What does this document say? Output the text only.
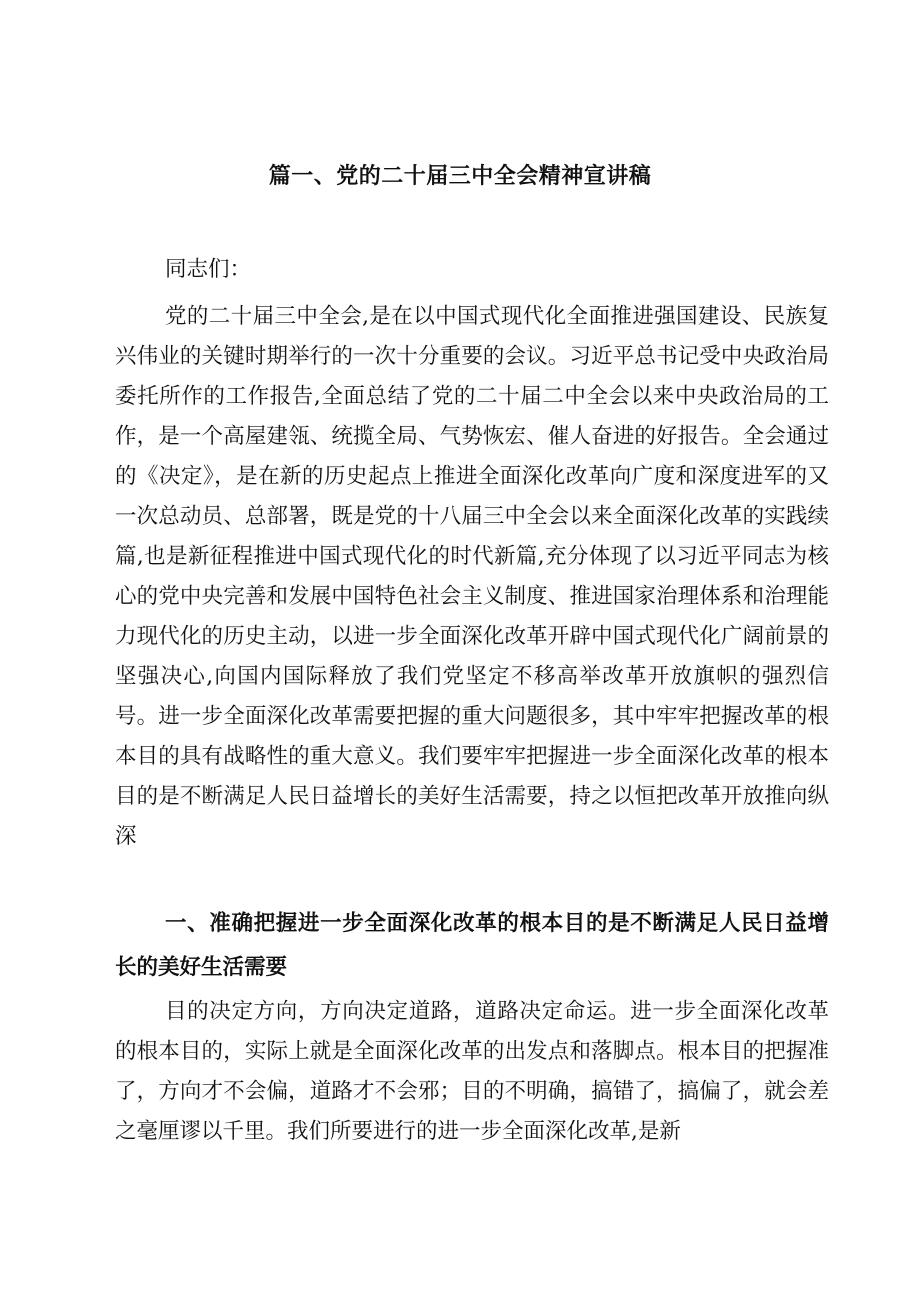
篇一、党的二十届三中全会精神宣讲稿

同志们：

党的二十届三中全会,是在以中国式现代化全面推进强国建设、民族复兴伟业的关键时期举行的一次十分重要的会议。习近平总书记受中央政治局委托所作的工作报告,全面总结了党的二十届二中全会以来中央政治局的工作，是一个高屋建瓴、统揽全局、气势恢宏、催人奋进的好报告。全会通过的《决定》，是在新的历史起点上推进全面深化改革向广度和深度进军的又一次总动员、总部署，既是党的十八届三中全会以来全面深化改革的实践续篇,也是新征程推进中国式现代化的时代新篇,充分体现了以习近平同志为核心的党中央完善和发展中国特色社会主义制度、推进国家治理体系和治理能力现代化的历史主动，以进一步全面深化改革开辟中国式现代化广阔前景的坚强决心,向国内国际释放了我们党坚定不移高举改革开放旗帜的强烈信号。进一步全面深化改革需要把握的重大问题很多，其中牢牢把握改革的根本目的具有战略性的重大意义。我们要牢牢把握进一步全面深化改革的根本目的是不断满足人民日益增长的美好生活需要，持之以恒把改革开放推向纵深

一、准确把握进一步全面深化改革的根本目的是不断满足人民日益增长的美好生活需要

目的决定方向，方向决定道路，道路决定命运。进一步全面深化改革的根本目的，实际上就是全面深化改革的出发点和落脚点。根本目的把握准了，方向才不会偏，道路才不会邪；目的不明确，搞错了，搞偏了，就会差之毫厘谬以千里。我们所要进行的进一步全面深化改革,是新
